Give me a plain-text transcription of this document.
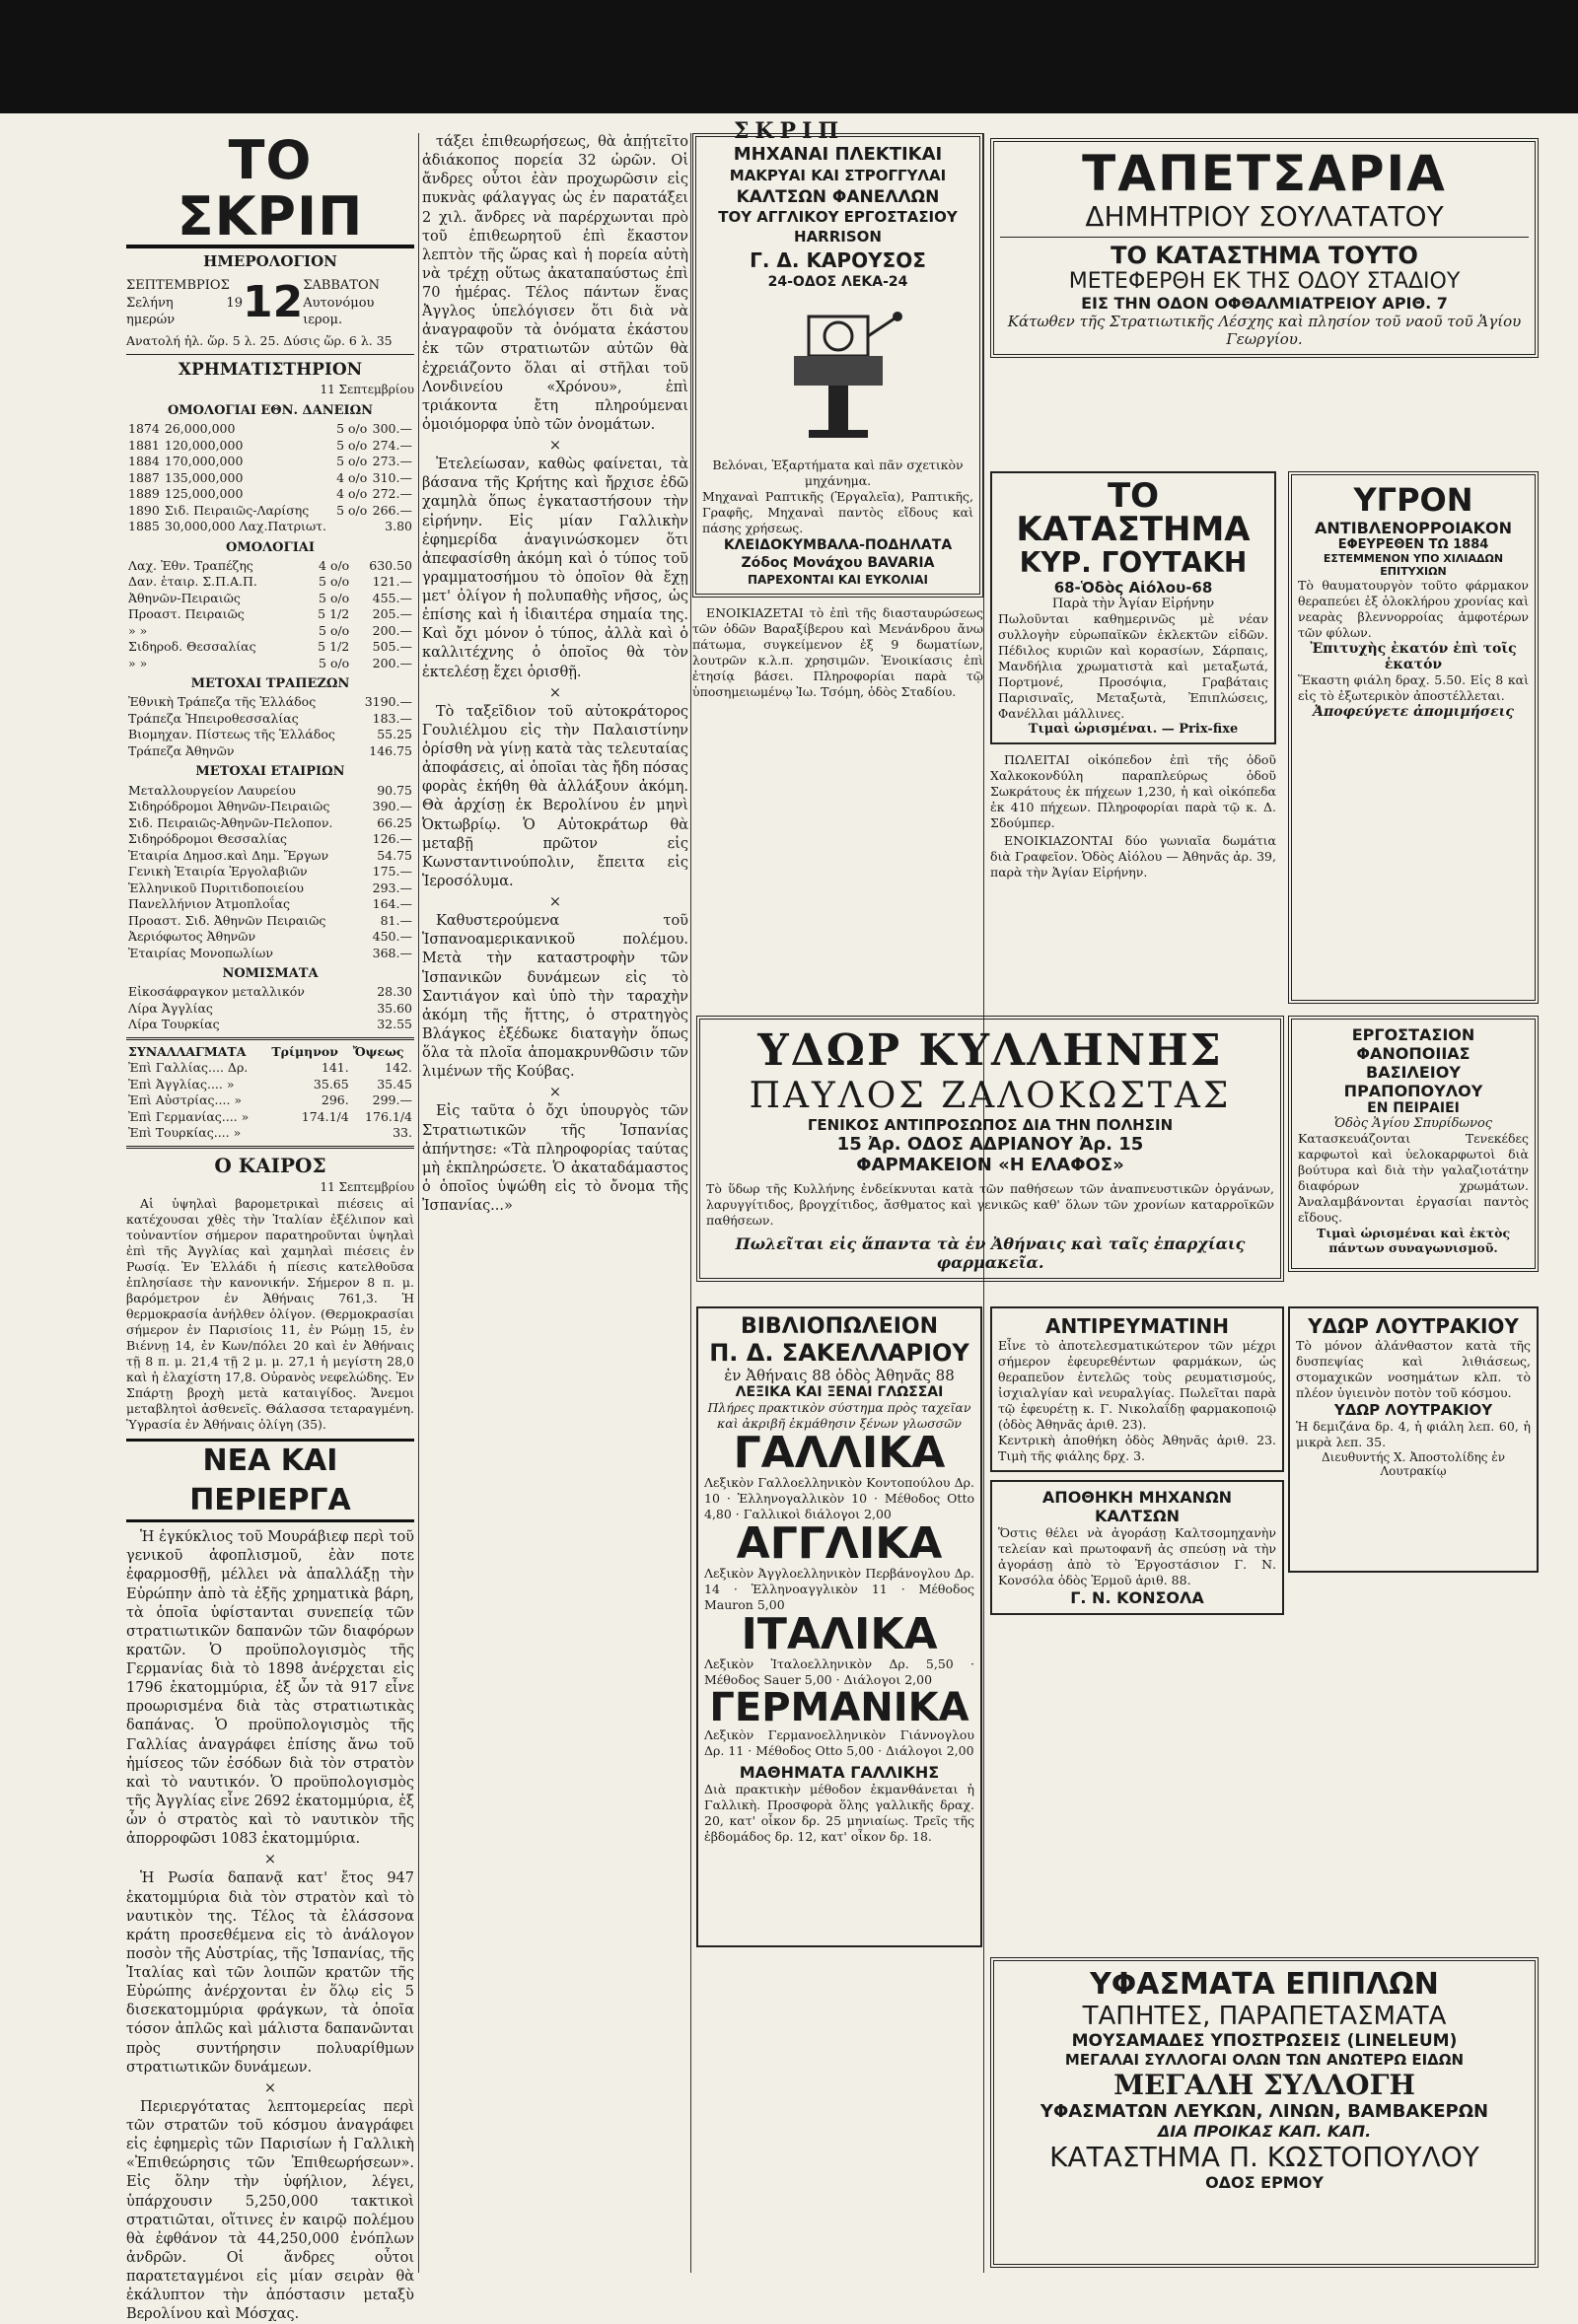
ΣΚΡΙΠ
ΤΟ ΣΚΡΙΠ
ΗΜΕΡΟΛΟΓΙΟΝ
ΣΕΠΤΕΜΒΡΙΟΣ
Σελήνη 19 ημερών	12 ΣΑΒΒΑΤΟΝ
Αυτονόμου ιερομ.
Ανατολή ἡλ. ὥρ. 5 λ. 25. Δύσις ὥρ. 6 λ. 35
ΧΡΗΜΑΤΙΣΤΗΡΙΟΝ
11 Σεπτεμβρίου
ΟΜΟΛΟΓΙΑΙ ΕΘΝ. ΔΑΝΕΙΩΝ
1874	26,000,000	5 ο/ο	300.—
1881	120,000,000	5 ο/ο	274.—
1884	170,000,000	5 ο/ο	273.—
1887	135,000,000	4 ο/ο	310.—
1889	125,000,000	4 ο/ο	272.—
1890	Σιδ. Πειραιῶς-Λαρίσης	5 ο/ο	266.—
1885	30,000,000 Λαχ.Πατριωτ.		3.80
ΟΜΟΛΟΓΙΑΙ
Λαχ. Ἐθν. Τραπέζης	4 ο/ο	630.50
Δαν. ἑταιρ. Σ.Π.Α.Π.	5 ο/ο	121.—
Ἀθηνῶν-Πειραιῶς	5 ο/ο	455.—
Προαστ. Πειραιῶς	5 1/2	205.—
» »	5 ο/ο	200.—
Σιδηροδ. Θεσσαλίας	5 1/2	505.—
» »	5 ο/ο	200.—
ΜΕΤΟΧΑΙ ΤΡΑΠΕΖΩΝ
Ἐθνικὴ Τράπεζα τῆς Ἑλλάδος	3190.—
Τράπεζα Ἠπειροθεσσαλίας	183.—
Βιομηχαν. Πίστεως τῆς Ἑλλάδος	55.25
Τράπεζα Ἀθηνῶν	146.75
ΜΕΤΟΧΑΙ ΕΤΑΙΡΙΩΝ
Μεταλλουργείον Λαυρείου	90.75
Σιδηρόδρομοι Ἀθηνῶν-Πειραιῶς	390.—
Σιδ. Πειραιῶς-Ἀθηνῶν-Πελοπον.	66.25
Σιδηρόδρομοι Θεσσαλίας	126.—
Ἑταιρία Δημοσ.καὶ Δημ. Ἔργων	54.75
Γενικὴ Ἑταιρία Ἐργολαβιῶν	175.—
Ἑλληνικοῦ Πυριτιδοποιείου	293.—
Πανελλήνιον Ἀτμοπλοΐας	164.—
Προαστ. Σιδ. Ἀθηνῶν Πειραιῶς	81.—
Ἀεριόφωτος Ἀθηνῶν	450.—
Ἑταιρίας Μονοπωλίων	368.—
ΝΟΜΙΣΜΑΤΑ
Εἰκοσάφραγκον μεταλλικόν	28.30
Λίρα Ἀγγλίας	35.60
Λίρα Τουρκίας	32.55
ΣΥΝΑΛΛΑΓΜΑΤΑ	Τρίμηνον	Ὄψεως
Ἐπὶ Γαλλίας.... Δρ.	141.	142.
Ἐπὶ Ἀγγλίας.... »	35.65	35.45
Ἐπὶ Αὐστρίας.... »	296.	299.—
Ἐπὶ Γερμανίας.... »	174.1/4	176.1/4
Ἐπὶ Τουρκίας.... »		33.
Ο ΚΑΙΡΟΣ
11 Σεπτεμβρίου

Αἱ ὑψηλαὶ βαρομετρικαὶ πιέσεις αἱ κατέχουσαι χθὲς τὴν Ἰταλίαν ἐξέλιπον καὶ τοὐναντίον σήμερον παρατηροῦνται ὑψηλαὶ ἐπὶ τῆς Ἀγγλίας καὶ χαμηλαὶ πιέσεις ἐν Ρωσίᾳ. Ἐν Ἑλλάδι ἡ πίεσις κατελθοῦσα ἐπλησίασε τὴν κανονικήν. Σήμερον 8 π. μ. βαρόμετρον ἐν Ἀθήναις 761,3. Ἡ θερμοκρασία ἀνήλθεν ὀλίγον. (Θερμοκρασίαι σήμερον ἐν Παρισίοις 11, ἐν Ρώμῃ 15, ἐν Βιέννῃ 14, ἐν Κων/πόλει 20 καὶ ἐν Ἀθήναις τῇ 8 π. μ. 21,4 τῇ 2 μ. μ. 27,1 ἡ μεγίστη 28,0 καὶ ἡ ἐλαχίστη 17,8. Οὐρανὸς νεφελώδης. Ἐν Σπάρτῃ βροχὴ μετὰ καταιγίδος. Ἄνεμοι μεταβλητοὶ ἀσθενεῖς. Θάλασσα τεταραγμένη. Ὑγρασία ἐν Ἀθήναις ὀλίγη (35).

ΝΕΑ ΚΑΙ ΠΕΡΙΕΡΓΑ

Ἡ ἐγκύκλιος τοῦ Μουράβιεφ περὶ τοῦ γενικοῦ ἀφοπλισμοῦ, ἐὰν ποτε ἐφαρμοσθῇ, μέλλει νὰ ἀπαλλάξῃ τὴν Εὐρώπην ἀπὸ τὰ ἐξῆς χρηματικὰ βάρη, τὰ ὁποῖα ὑφίστανται συνεπείᾳ τῶν στρατιωτικῶν δαπανῶν τῶν διαφόρων κρατῶν. Ὁ προϋπολογισμὸς τῆς Γερμανίας διὰ τὸ 1898 ἀνέρχεται εἰς 1796 ἑκατομμύρια, ἐξ ὧν τὰ 917 εἶνε προωρισμένα διὰ τὰς στρατιωτικὰς δαπάνας. Ὁ προϋπολογισμὸς τῆς Γαλλίας ἀναγράφει ἐπίσης ἄνω τοῦ ἡμίσεος τῶν ἐσόδων διὰ τὸν στρατὸν καὶ τὸ ναυτικόν. Ὁ προϋπολογισμὸς τῆς Ἀγγλίας εἶνε 2692 ἑκατομμύρια, ἐξ ὧν ὁ στρατὸς καὶ τὸ ναυτικὸν τῆς ἀπορροφῶσι 1083 ἑκατομμύρια.

×

Ἡ Ρωσία δαπανᾷ κατ' ἔτος 947 ἑκατομμύρια διὰ τὸν στρατὸν καὶ τὸ ναυτικὸν της. Τέλος τὰ ἐλάσσονα κράτη προσεθέμενα εἰς τὸ ἀνάλογον ποσὸν τῆς Αὐστρίας, τῆς Ἰσπανίας, τῆς Ἰταλίας καὶ τῶν λοιπῶν κρατῶν τῆς Εὐρώπης ἀνέρχονται ἐν ὅλῳ εἰς 5 δισεκατομμύρια φράγκων, τὰ ὁποῖα τόσον ἀπλῶς καὶ μάλιστα δαπανῶνται πρὸς συντήρησιν πολυαρίθμων στρατιωτικῶν δυνάμεων.

×

Περιεργότατας λεπτομερείας περὶ τῶν στρατῶν τοῦ κόσμου ἀναγράφει εἰς ἐφημερὶς τῶν Παρισίων ἡ Γαλλικὴ «Ἐπιθεώρησις τῶν Ἐπιθεωρήσεων». Εἰς ὅλην τὴν ὑφήλιον, λέγει, ὑπάρχουσιν 5,250,000 τακτικοὶ στρατιῶται, οἵτινες ἐν καιρῷ πολέμου θὰ ἐφθάνον τὰ 44,250,000 ἐνόπλων ἀνδρῶν. Οἱ ἄνδρες οὗτοι παρατεταγμένοι εἰς μίαν σειρὰν θὰ ἐκάλυπτον τὴν ἀπόστασιν μεταξὺ Βερολίνου καὶ Μόσχας.

τάξει ἐπιθεωρήσεως, θὰ ἀπῄτεῖτο ἀδιάκοπος πορεία 32 ὡρῶν. Οἱ ἄνδρες οὗτοι ἐὰν προχωρῶσιν εἰς πυκνὰς φάλαγγας ὡς ἐν παρατάξει 2 χιλ. ἄνδρες νὰ παρέρχωνται πρὸ τοῦ ἐπιθεωρητοῦ ἐπὶ ἕκαστον λεπτὸν τῆς ὥρας καὶ ἡ πορεία αὐτὴ νὰ τρέχῃ οὕτως ἀκαταπαύστως ἐπὶ 70 ἡμέρας. Τέλος πάντων ἕνας Ἀγγλος ὑπελόγισεν ὅτι διὰ νὰ ἀναγραφοῦν τὰ ὀνόματα ἐκάστου ἐκ τῶν στρατιωτῶν αὐτῶν θὰ ἐχρειάζοντο ὅλαι αἱ στῆλαι τοῦ Λονδινείου «Χρόνου», ἐπὶ τριάκοντα ἔτη πληρούμεναι ὁμοιόμορφα ὑπὸ τῶν ὀνομάτων.

×

Ἐτελείωσαν, καθὼς φαίνεται, τὰ βάσανα τῆς Κρήτης καὶ ἤρχισε ἐδῶ χαμηλὰ ὅπως ἐγκαταστήσουν τὴν εἰρήνην. Εἰς μίαν Γαλλικὴν ἐφημερίδα ἀναγινώσκομεν ὅτι ἀπεφασίσθη ἀκόμη καὶ ὁ τύπος τοῦ γραμματοσήμου τὸ ὁποῖον θὰ ἔχῃ μετ' ὀλίγον ἡ πολυπαθὴς νῆσος, ὡς ἐπίσης καὶ ἡ ἰδιαιτέρα σημαία της. Καὶ ὄχι μόνον ὁ τύπος, ἀλλὰ καὶ ὁ καλλιτέχνης ὁ ὁποῖος θὰ τὸν ἐκτελέσῃ ἔχει ὁρισθῇ.

×

Τὸ ταξεῖδιον τοῦ αὐτοκράτορος Γουλιέλμου εἰς τὴν Παλαιστίνην ὁρίσθη νὰ γίνῃ κατὰ τὰς τελευταίας ἀποφάσεις, αἱ ὁποῖαι τὰς ἤδη πόσας φορὰς ἐκήθη θὰ ἀλλάξουν ἀκόμη. Θὰ ἀρχίσῃ ἐκ Βερολίνου ἐν μηνὶ Ὀκτωβρίῳ. Ὁ Αὐτοκράτωρ θὰ μεταβῇ πρῶτον εἰς Κωνσταντινούπολιν, ἔπειτα εἰς Ἱεροσόλυμα.

×

Καθυστερούμενα τοῦ Ἱσπανοαμερικανικοῦ πολέμου. Μετὰ τὴν καταστροφὴν τῶν Ἱσπανικῶν δυνάμεων εἰς τὸ Σαντιάγον καὶ ὑπὸ τὴν ταραχὴν ἀκόμη τῆς ἥττης, ὁ στρατηγὸς Βλάγκος ἐξέδωκε διαταγὴν ὅπως ὅλα τὰ πλοῖα ἀπομακρυνθῶσιν τῶν λιμένων τῆς Κούβας.

×

Εἰς ταῦτα ὁ ὄχι ὑπουργὸς τῶν Στρατιωτικῶν τῆς Ἰσπανίας ἀπήντησε: «Τὰ πληροφορίας ταύτας μὴ ἐκπληρώσετε. Ὁ ἀκαταδάμαστος ὁ ὁποῖος ὑψώθη εἰς τὸ ὄνομα τῆς Ἰσπανίας...»

ΜΗΧΑΝΑΙ ΠΛΕΚΤΙΚΑΙ
ΜΑΚΡΥΑΙ ΚΑΙ ΣΤΡΟΓΓΥΛΑΙ
ΚΑΛΤΣΩΝ ΦΑΝΕΛΛΩΝ
ΤΟΥ ΑΓΓΛΙΚΟΥ ΕΡΓΟΣΤΑΣΙΟΥ
HARRISON
Γ. Δ. ΚΑΡΟΥΣΟΣ
24-ΟΔΟΣ ΛΕΚΑ-24
Βελόναι, Ἐξαρτήματα καὶ πᾶν σχετικὸν μηχάνημα.
Μηχαναὶ Ραπτικῆς (Ἐργαλεῖα), Ραπτικῆς, Γραφῆς, Μηχαναὶ παντὸς εἴδους καὶ πάσης χρήσεως.
ΚΛΕΙΔΟΚΥΜΒΑΛΑ-ΠΟΔΗΛΑΤΑ
Ζόδος Μονάχου BAVARIA
ΠΑΡΕΧΟΝΤΑΙ ΚΑΙ ΕΥΚΟΛΙΑΙ

ΕΝΟΙΚΙΑΖΕΤΑΙ τὸ ἐπὶ τῆς διασταυρώσεως τῶν ὁδῶν Βαραξίβερου καὶ Μενάνδρου ἄνω πάτωμα, συγκείμενον ἐξ 9 δωματίων, λουτρῶν κ.λ.π. χρησιμῶν. Ἐνοικίασις ἐπὶ ἐτησίᾳ βάσει. Πληροφορίαι παρὰ τῷ ὑποσημειωμένῳ Ἰω. Τσόμη, ὁδὸς Σταδίου.

ΥΔΩΡ ΚΥΛΛΗΝΗΣ
ΠΑΥΛΟΣ ΖΑΛΟΚΩΣΤΑΣ
ΓΕΝΙΚΟΣ ΑΝΤΙΠΡΟΣΩΠΟΣ ΔΙΑ ΤΗΝ ΠΟΛΗΣΙΝ
15 Ἀρ. ΟΔΟΣ ΑΔΡΙΑΝΟΥ Ἀρ. 15
ΦΑΡΜΑΚΕΙΟΝ «Η ΕΛΑΦΟΣ»
Τὸ ὕδωρ τῆς Κυλλήνης ἐνδείκνυται κατὰ τῶν παθήσεων τῶν ἀναπνευστικῶν ὀργάνων, λαρυγγίτιδος, βρογχίτιδος, ἄσθματος καὶ γενικῶς καθ' ὅλων τῶν χρονίων καταρροϊκῶν παθήσεων.
Πωλεῖται εἰς ἅπαντα τὰ ἐν Ἀθήναις καὶ ταῖς ἐπαρχίαις φαρμακεῖα.
ΒΙΒΛΙΟΠΩΛΕΙΟΝ
Π. Δ. ΣΑΚΕΛΛΑΡΙΟΥ
ἐν Ἀθήναις 88 ὁδὸς Ἀθηνᾶς 88
ΛΕΞΙΚΑ ΚΑΙ ΞΕΝΑΙ ΓΛΩΣΣΑΙ
Πλήρες πρακτικὸν σύστημα πρὸς ταχεῖαν καὶ ἀκριβῆ ἐκμάθησιν ξένων γλωσσῶν
ΓΑΛΛΙΚΑ
Λεξικὸν Γαλλοελληνικὸν Κοντοπούλου Δρ. 10 · Ἑλληνογαλλικὸν 10 · Μέθοδος Otto 4,80 · Γαλλικοὶ διάλογοι 2,00
ΑΓΓΛΙΚΑ
Λεξικὸν Ἀγγλοελληνικὸν Περβάνογλου Δρ. 14 · Ἑλληνοαγγλικὸν 11 · Μέθοδος Mauron 5,00
ΙΤΑΛΙΚΑ
Λεξικὸν Ἰταλοελληνικὸν Δρ. 5,50 · Μέθοδος Sauer 5,00 · Διάλογοι 2,00
ΓΕΡΜΑΝΙΚΑ
Λεξικὸν Γερμανοελληνικὸν Γιάννογλου Δρ. 11 · Μέθοδος Otto 5,00 · Διάλογοι 2,00
ΜΑΘΗΜΑΤΑ ΓΑΛΛΙΚΗΣ
Διὰ πρακτικὴν μέθοδον ἐκμανθάνεται ἡ Γαλλικὴ. Προσφορὰ ὅλης γαλλικῆς δραχ. 20, κατ' οἶκον δρ. 25 μηνιαίως. Τρεῖς τῆς ἑβδομάδος δρ. 12, κατ' οἶκον δρ. 18.
ΑΝΤΙΡΕΥΜΑΤΙΝΗ
Εἶνε τὸ ἀποτελεσματικώτερον τῶν μέχρι σήμερον ἐφευρεθέντων φαρμάκων, ὡς θεραπεῦον ἐντελῶς τοὺς ρευματισμούς, ἰσχιαλγίαν καὶ νευραλγίας. Πωλεῖται παρὰ τῷ ἐφευρέτῃ κ. Γ. Νικολαΐδῃ φαρμακοποιῷ (ὁδὸς Ἀθηνᾶς ἀριθ. 23).
Κεντρικὴ ἀποθήκη ὁδὸς Ἀθηνᾶς ἀριθ. 23. Τιμὴ τῆς φιάλης δρχ. 3.
ΑΠΟΘΗΚΗ ΜΗΧΑΝΩΝ ΚΑΛΤΣΩΝ
Ὅστις θέλει νὰ ἀγοράσῃ Καλτσομηχανὴν τελείαν καὶ πρωτοφανῆ ἀς σπεύσῃ νὰ τὴν ἀγοράσῃ ἀπὸ τὸ Ἐργοστάσιον Γ. Ν. Κονσόλα ὁδὸς Ἑρμοῦ ἀριθ. 88.
Γ. Ν. ΚΟΝΣΟΛΑ
ΤΑΠΕΤΣΑΡΙΑ
ΔΗΜΗΤΡΙΟΥ ΣΟΥΛΑΤΑΤΟΥ
ΤΟ ΚΑΤΑΣΤΗΜΑ ΤΟΥΤΟ
ΜΕΤΕΦΕΡΘΗ ΕΚ ΤΗΣ ΟΔΟΥ ΣΤΑΔΙΟΥ
ΕΙΣ ΤΗΝ ΟΔΟΝ ΟΦΘΑΛΜΙΑΤΡΕΙΟΥ ΑΡΙΘ. 7
Κάτωθεν τῆς Στρατιωτικῆς Λέσχης καὶ πλησίον τοῦ ναοῦ τοῦ Ἁγίου Γεωργίου.
ΤΟ ΚΑΤΑΣΤΗΜΑ
ΚΥΡ. ΓΟΥΤΑΚΗ
68-Ὁδὸς Αἰόλου-68
Παρὰ τὴν Ἁγίαν Εἰρήνην
Πωλοῦνται καθημερινῶς μὲ νέαν συλλογὴν εὐρωπαϊκῶν ἐκλεκτῶν εἰδῶν. Πέδιλος κυριῶν καὶ κορασίων, Σάρπαις, Μανδήλια χρωματιστὰ καὶ μεταξωτά, Πορτμονέ, Προσόψια, Γραβάταις Παρισιναῖς, Μεταξωτὰ, Ἐπιπλώσεις, Φανέλλαι μάλλινες.
Τιμαὶ ὡρισμέναι. — Prix-fixe

ΠΩΛΕΙΤΑΙ οἰκόπεδον ἐπὶ τῆς ὁδοῦ Χαλκοκονδύλη παραπλεύρως ὁδοῦ Σωκράτους ἐκ πήχεων 1,230, ἡ καὶ οἰκόπεδα ἐκ 410 πήχεων. Πληροφορίαι παρὰ τῷ κ. Δ. Σδούμπερ.

ΕΝΟΙΚΙΑΖΟΝΤΑΙ δύο γωνιαῖα δωμάτια διὰ Γραφεῖον. Ὁδὸς Αἰόλου — Ἀθηνᾶς ἀρ. 39, παρὰ τὴν Ἁγίαν Εἰρήνην.

ΥΓΡΟΝ
ΑΝΤΙΒΛΕΝΟΡΡΟΙΑΚΟΝ
ΕΦΕΥΡΕΘΕΝ ΤΩ 1884
ΕΣΤΕΜΜΕΝΟΝ ΥΠΟ ΧΙΛΙΑΔΩΝ ΕΠΙΤΥΧΙΩΝ
Τὸ θαυματουργὸν τοῦτο φάρμακον θεραπεύει ἐξ ὁλοκλήρου χρονίας καὶ νεαρὰς βλεννορροίας ἀμφοτέρων τῶν φύλων.
Ἐπιτυχὴς ἐκατόν ἐπὶ τοῖς ἑκατόν
Ἕκαστη φιάλη δραχ. 5.50. Εἰς 8 καὶ εἰς τὸ ἐξωτερικὸν ἀποστέλλεται.
Ἀποφεύγετε ἀπομιμήσεις
ΕΡΓΟΣΤΑΣΙΟΝ ΦΑΝΟΠΟΙΙΑΣ
ΒΑΣΙΛΕΙΟΥ ΠΡΑΠΟΠΟΥΛΟΥ
ΕΝ ΠΕΙΡΑΙΕΙ
Ὁδὸς Ἁγίου Σπυρίδωνος
Κατασκευάζονται Τενεκέδες καρφωτοὶ καὶ ὑελοκαρφωτοὶ διὰ βούτυρα καὶ διὰ τὴν γαλαζιοτάτην διαφόρων χρωμάτων. Ἀναλαμβάνονται ἐργασίαι παντὸς εἴδους.
Τιμαὶ ὡρισμέναι καὶ ἐκτὸς πάντων συναγωνισμοῦ.
ΥΔΩΡ ΛΟΥΤΡΑΚΙΟΥ
Τὸ μόνον ἀλάνθαστον κατὰ τῆς δυσπεψίας καὶ λιθιάσεως, στομαχικῶν νοσημάτων κλπ. τὸ πλέον ὑγιεινὸν ποτὸν τοῦ κόσμου.
ΥΔΩΡ ΛΟΥΤΡΑΚΙΟΥ
Ἡ δεμιζάνα δρ. 4, ἡ φιάλη λεπ. 60, ἡ μικρὰ λεπ. 35.
Διευθυντής Χ. Ἀποστολίδης ἐν Λουτρακίῳ
ΥΦΑΣΜΑΤΑ ΕΠΙΠΛΩΝ
ΤΑΠΗΤΕΣ, ΠΑΡΑΠΕΤΑΣΜΑΤΑ
ΜΟΥΣΑΜΑΔΕΣ ΥΠΟΣΤΡΩΣΕΙΣ (LINELEUM)
ΜΕΓΑΛΑΙ ΣΥΛΛΟΓΑΙ ΟΛΩΝ ΤΩΝ ΑΝΩΤΕΡΩ ΕΙΔΩΝ
ΜΕΓΑΛΗ ΣΥΛΛΟΓΗ
ΥΦΑΣΜΑΤΩΝ ΛΕΥΚΩΝ, ΛΙΝΩΝ, ΒΑΜΒΑΚΕΡΩΝ
ΔΙΑ ΠΡΟΙΚΑΣ ΚΑΠ. ΚΑΠ.
ΚΑΤΑΣΤΗΜΑ Π. ΚΩΣΤΟΠΟΥΛΟΥ
ΟΔΟΣ ΕΡΜΟΥ
